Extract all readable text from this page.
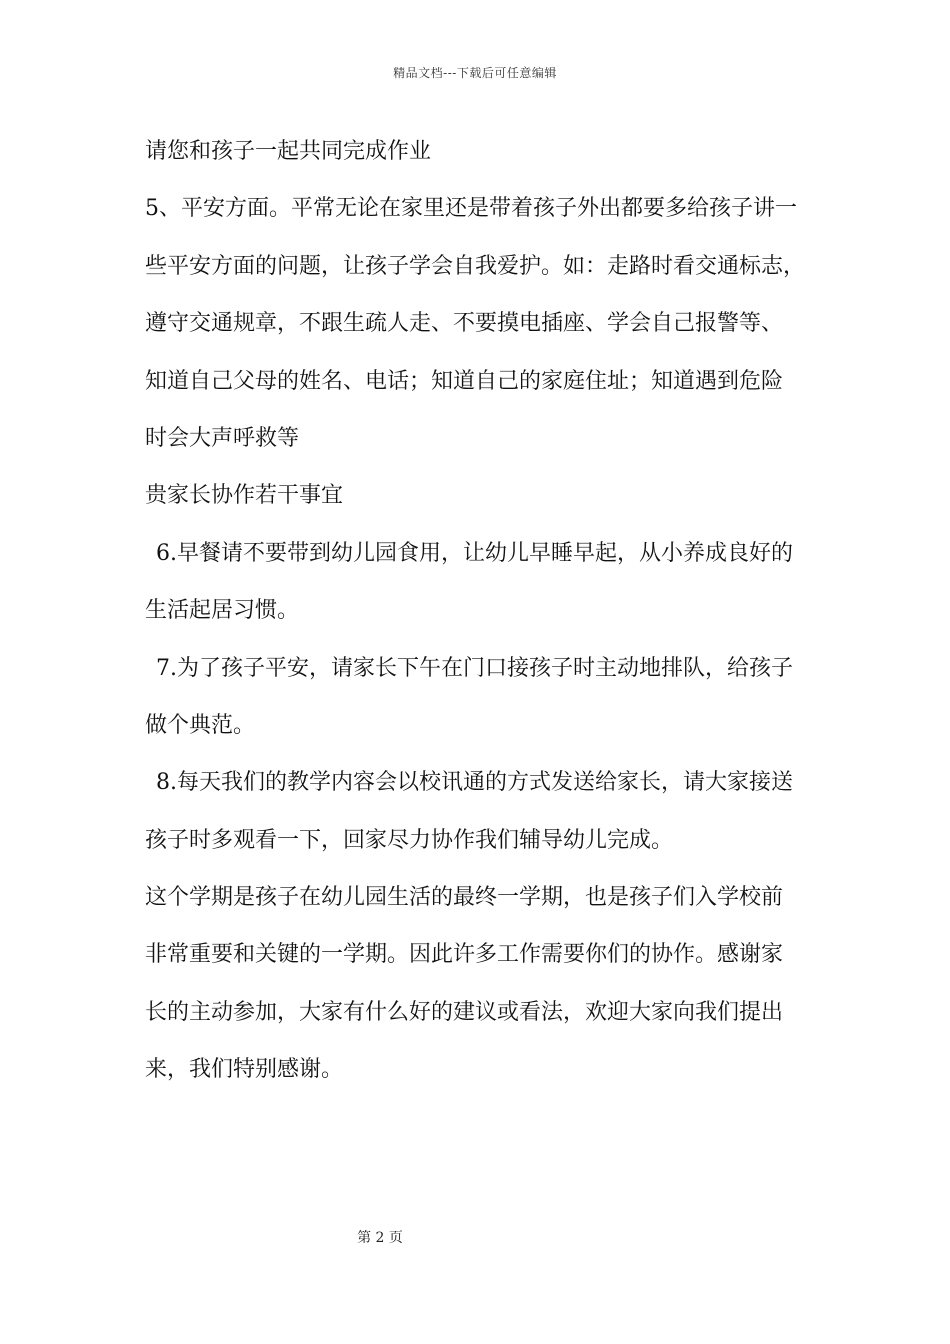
精品文档---下载后可任意编辑
请您和孩子一起共同完成作业
5、平安方面。平常无论在家里还是带着孩子外出都要多给孩子讲一
些平安方面的问题，让孩子学会自我爱护。如：走路时看交通标志，
遵守交通规章，不跟生疏人走、不要摸电插座、学会自己报警等、
知道自己父母的姓名、电话；知道自己的家庭住址；知道遇到危险
时会大声呼救等
贵家长协作若干事宜
6.早餐请不要带到幼儿园食用，让幼儿早睡早起，从小养成良好的
生活起居习惯。
7.为了孩子平安，请家长下午在门口接孩子时主动地排队，给孩子
做个典范。
8.每天我们的教学内容会以校讯通的方式发送给家长，请大家接送
孩子时多观看一下，回家尽力协作我们辅导幼儿完成。
这个学期是孩子在幼儿园生活的最终一学期，也是孩子们入学校前
非常重要和关键的一学期。因此许多工作需要你们的协作。感谢家
长的主动参加，大家有什么好的建议或看法，欢迎大家向我们提出
来，我们特别感谢。
第 2 页
